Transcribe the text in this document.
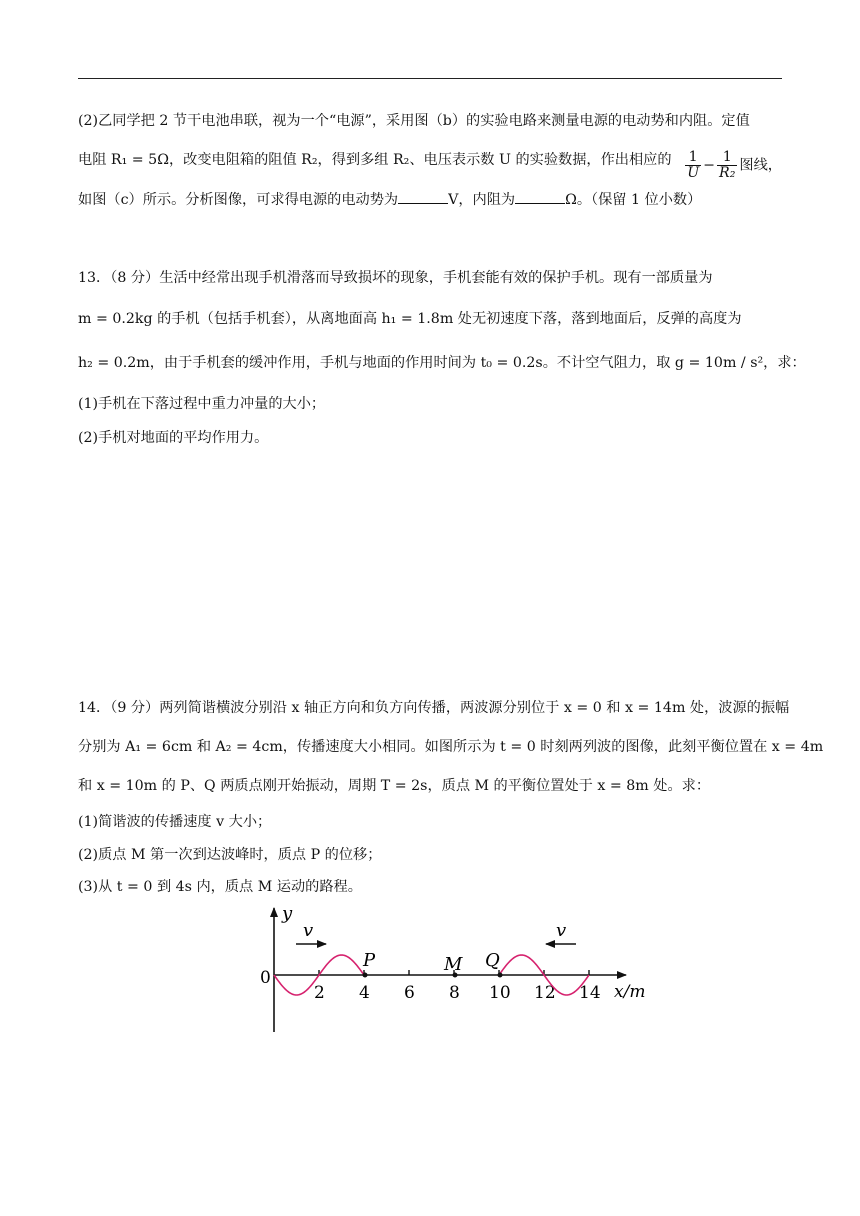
(2)乙同学把 2 节干电池串联，视为一个“电源”，采用图（b）的实验电路来测量电源的电动势和内阻。定值
电阻 R₁ = 5Ω，改变电阻箱的阻值 R₂，得到多组 R₂、电压表示数 U 的实验数据，作出相应的 $\frac{1}{U} - \frac{1}{\text{R₂}}$ 图线，
如图（c）所示。分析图像，可求得电源的电动势为	V，内阻为	Ω。（保留 1 位小数）
13．（8 分）生活中经常出现手机滑落而导致损坏的现象，手机套能有效的保护手机。现有一部质量为
m = 0.2kg 的手机（包括手机套），从离地面高 h₁ = 1.8m 处无初速度下落，落到地面后，反弹的高度为
h₂ = 0.2m，由于手机套的缓冲作用，手机与地面的作用时间为 t₀ = 0.2s。不计空气阻力，取 g = 10m / s²，求：
(1)手机在下落过程中重力冲量的大小；
(2)手机对地面的平均作用力。
14．（9 分）两列简谐横波分别沿 x 轴正方向和负方向传播，两波源分别位于 x = 0 和 x = 14m 处，波源的振幅
分别为 A₁ = 6cm 和 A₂ = 4cm，传播速度大小相同。如图所示为 t = 0 时刻两列波的图像，此刻平衡位置在 x = 4m
和 x = 10m 的 P、Q 两质点刚开始振动，周期 T = 2s，质点 M 的平衡位置处于 x = 8m 处。求：
(1)简谐波的传播速度 v 大小；
(2)质点 M 第一次到达波峰时，质点 P 的位移；
(3)从 t = 0 到 4s 内，质点 M 运动的路程。
y
x/m
0
2 4 6 8 10 12 14
P	M Q
v	v
